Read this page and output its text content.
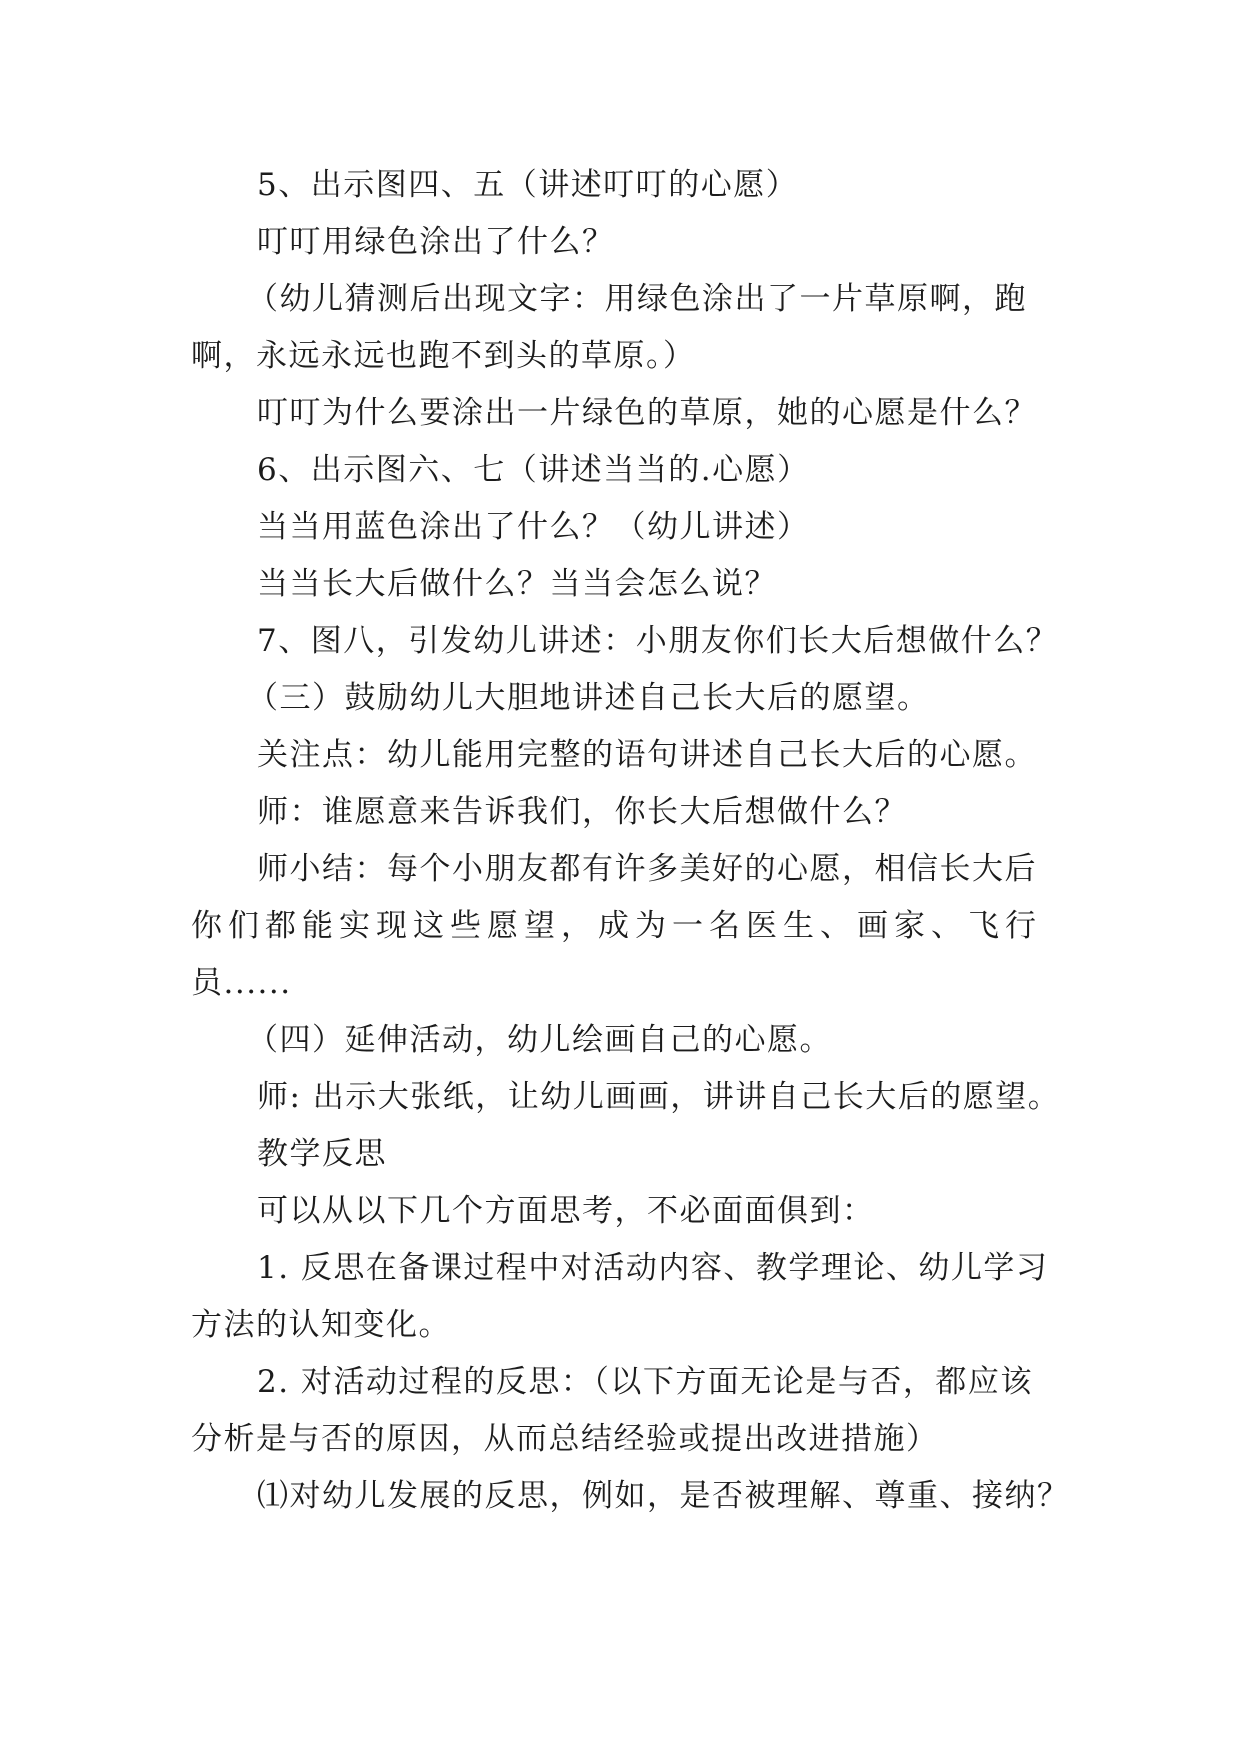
5、出示图四、五（讲述叮叮的心愿）
叮叮用绿色涂出了什么？
（幼儿猜测后出现文字：用绿色涂出了一片草原啊，跑
啊，永远永远也跑不到头的草原。）
叮叮为什么要涂出一片绿色的草原，她的心愿是什么？
6、出示图六、七（讲述当当的.心愿）
当当用蓝色涂出了什么？（幼儿讲述）
当当长大后做什么？当当会怎么说？
7、图八，引发幼儿讲述：小朋友你们长大后想做什么？
（三）鼓励幼儿大胆地讲述自己长大后的愿望。
关注点：幼儿能用完整的语句讲述自己长大后的心愿。
师：谁愿意来告诉我们，你长大后想做什么？
师小结：每个小朋友都有许多美好的心愿，相信长大后
你们都能实现这些愿望，成为一名医生、画家、飞行
员......
（四）延伸活动，幼儿绘画自己的心愿。
师: 出示大张纸，让幼儿画画，讲讲自己长大后的愿望。
教学反思
可以从以下几个方面思考，不必面面俱到：
1. 反思在备课过程中对活动内容、教学理论、幼儿学习
方法的认知变化。
2. 对活动过程的反思：（以下方面无论是与否，都应该
分析是与否的原因，从而总结经验或提出改进措施）
⑴对幼儿发展的反思，例如，是否被理解、尊重、接纳？
